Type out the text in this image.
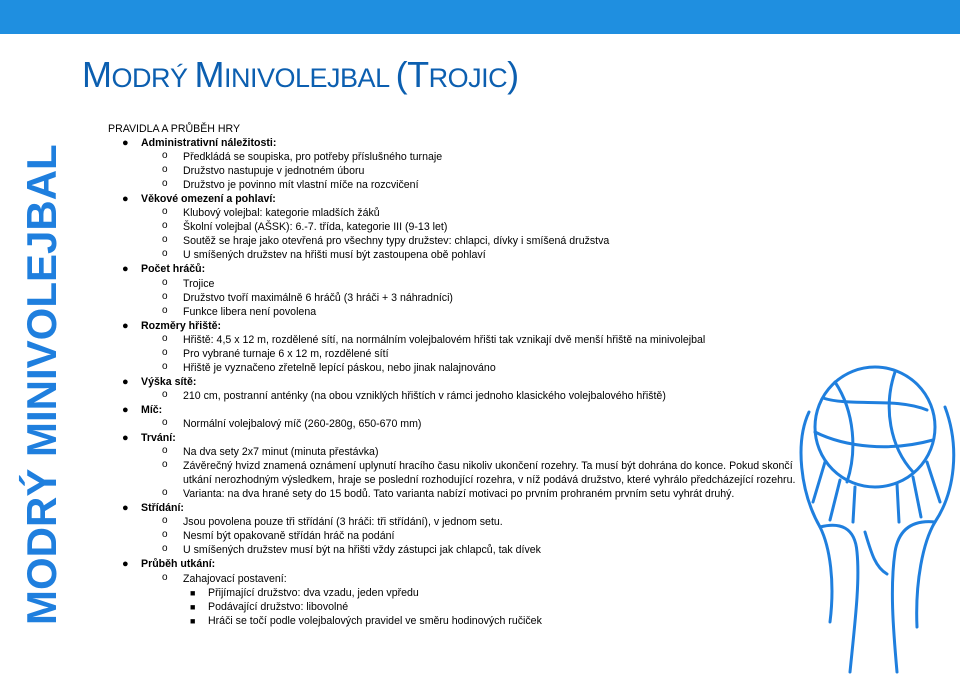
MODRÝ MINIVOLEJBAL (TROJIC)
MODRÝ MINIVOLEJBAL
PRAVIDLA A PRŮBĚH HRY
● Administrativní náležitosti:
o Předkládá se soupiska, pro potřeby příslušného turnaje
o Družstvo nastupuje v jednotném úboru
o Družstvo je povinno mít vlastní míče na rozcvičení
● Věkové omezení a pohlaví:
o Klubový volejbal: kategorie mladších žáků
o Školní volejbal (AŠSK): 6.-7. třída, kategorie III (9-13 let)
o Soutěž se hraje jako otevřená pro všechny typy družstev: chlapci, dívky i smíšená družstva
o U smíšených družstev na hřišti musí být zastoupena obě pohlaví
● Počet hráčů:
o Trojice
o Družstvo tvoří maximálně 6 hráčů (3 hráči + 3 náhradníci)
o Funkce libera není povolena
● Rozměry hřiště:
o Hřiště: 4,5 x 12 m, rozdělené sítí, na normálním volejbalovém hřišti tak vznikají dvě menší hřiště na minivolejbal
o Pro vybrané turnaje 6 x 12 m, rozdělené sítí
o Hřiště je vyznačeno zřetelně lepící páskou, nebo jinak nalajnováno
● Výška sítě:
o 210 cm, postranní anténky (na obou vzniklých hřištích v rámci jednoho klasického volejbalového hřiště)
● Míč:
o Normální volejbalový míč (260-280g, 650-670 mm)
● Trvání:
o Na dva sety 2x7 minut (minuta přestávka)
o Závěrečný hvizd znamená oznámení uplynutí hracího času nikoliv ukončení rozehry. Ta musí být dohrána do konce. Pokud skončí
utkání nerozhodným výsledkem, hraje se poslední rozhodující rozehra, v níž podává družstvo, které vyhrálo předcházející rozehru.
o Varianta: na dva hrané sety do 15 bodů. Tato varianta nabízí motivaci po prvním prohraném prvním setu vyhrát druhý.
● Střídání:
o Jsou povolena pouze tři střídání (3 hráči: tři střídání), v jednom setu.
o Nesmí být opakovaně střídán hráč na podání
o U smíšených družstev musí být na hřišti vždy zástupci jak chlapců, tak dívek
● Průběh utkání:
o Zahajovací postavení:
■ Přijímající družstvo: dva vzadu, jeden vpředu
■ Podávající družstvo: libovolné
■ Hráči se točí podle volejbalových pravidel ve směru hodinových ručiček
